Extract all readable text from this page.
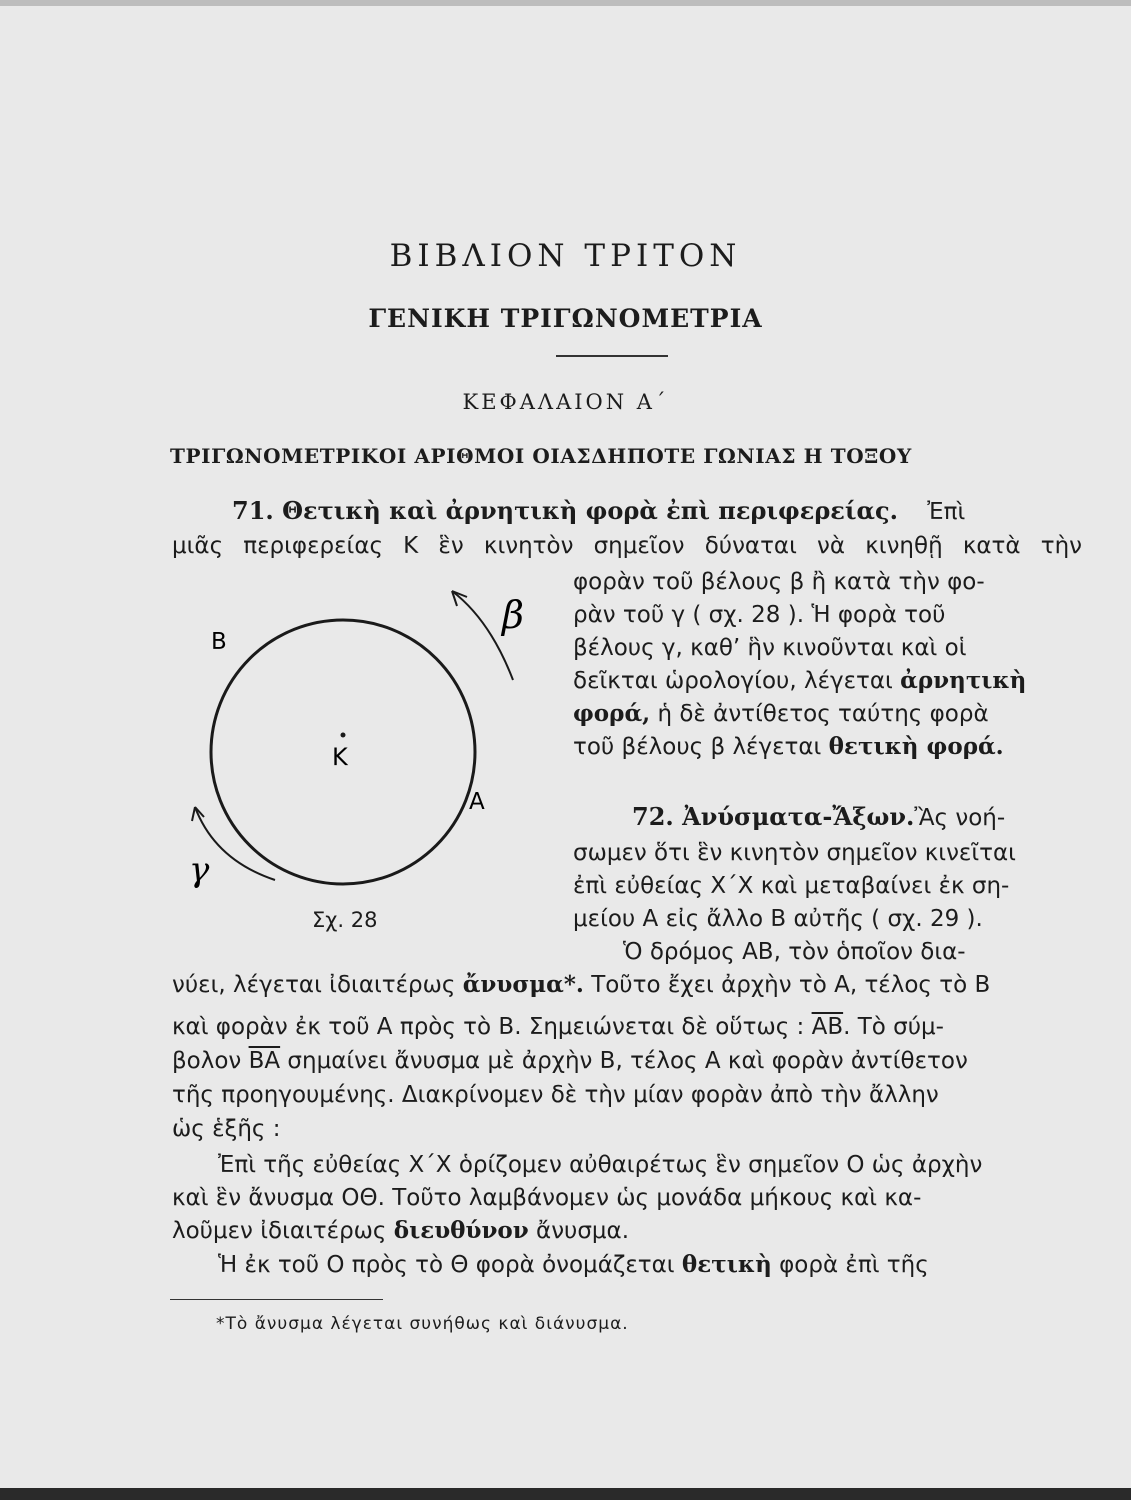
ΒΙΒΛΙΟΝ ΤΡΙΤΟΝ
ΓΕΝΙΚΗ ΤΡΙΓΩΝΟΜΕΤΡΙΑ
ΚΕΦΑΛΑΙΟΝ Α΄
ΤΡΙΓΩΝΟΜΕΤΡΙΚΟΙ ΑΡΙΘΜΟΙ ΟΙΑΣΔΗΠΟΤΕ ΓΩΝΙΑΣ Η ΤΟΞΟΥ
71. Θετικὴ καὶ ἀρνητικὴ φορὰ ἐπὶ περιφερείας. Ἐπὶ
μιᾶς περιφερείας Κ ἓν κινητὸν σημεῖον δύναται νὰ κινηθῇ κατὰ τὴν
φορὰν τοῦ βέλους β ἢ κατὰ τὴν φο-
ρὰν τοῦ γ ( σχ. 28 ). Ἡ φορὰ τοῦ
βέλους γ, καθ’ ἣν κινοῦνται καὶ οἱ
δεῖκται ὡρολογίου, λέγεται ἀρνητικὴ
φορά, ἡ δὲ ἀντίθετος ταύτης φορὰ
τοῦ βέλους β λέγεται θετικὴ φορά.
Β
Κ
Α
β
γ
Σχ. 28
72. Ἀνύσματα-Ἄξων.Ἂς νοή-
σωμεν ὅτι ἓν κινητὸν σημεῖον κινεῖται
ἐπὶ εὐθείας Χ΄Χ καὶ μεταβαίνει ἐκ ση-
μείου Α εἰς ἄλλο Β αὐτῆς ( σχ. 29 ).
Ὁ δρόμος ΑΒ, τὸν ὁποῖον δια-
νύει, λέγεται ἰδιαιτέρως ἄνυσμα*. Τοῦτο ἔχει ἀρχὴν τὸ Α, τέλος τὸ Β
καὶ φορὰν ἐκ τοῦ Α πρὸς τὸ Β. Σημειώνεται δὲ οὕτως : $\overline{AB}$. Τὸ σύμ-
βολον $\overline{BA}$ σημαίνει ἄνυσμα μὲ ἀρχὴν Β, τέλος Α καὶ φορὰν ἀντίθετον
τῆς προηγουμένης. Διακρίνομεν δὲ τὴν μίαν φορὰν ἀπὸ τὴν ἄλλην
ὡς ἑξῆς :
Ἐπὶ τῆς εὐθείας Χ΄Χ ὁρίζομεν αὐθαιρέτως ἓν σημεῖον Ο ὡς ἀρχὴν
καὶ ἓν ἄνυσμα ΟΘ. Τοῦτο λαμβάνομεν ὡς μονάδα μήκους καὶ κα-
λοῦμεν ἰδιαιτέρως διευθύνον ἄνυσμα.
Ἡ ἐκ τοῦ Ο πρὸς τὸ Θ φορὰ ὀνομάζεται θετικὴ φορὰ ἐπὶ τῆς
*Τὸ ἄνυσμα λέγεται συνήθως καὶ διάνυσμα.
